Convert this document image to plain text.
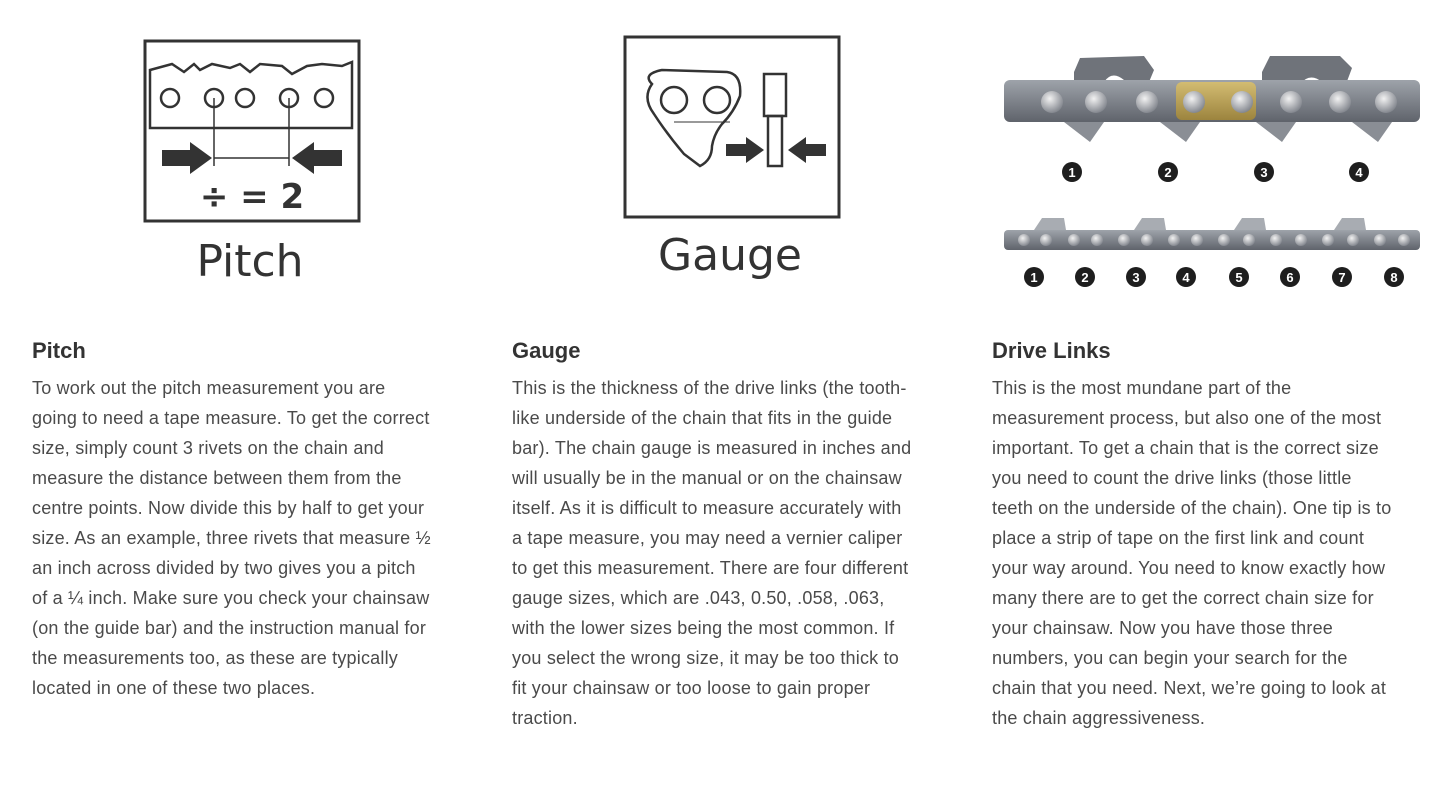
÷ = 2
Pitch
Pitch

To work out the pitch measurement you are going to need a tape measure. To get the correct size, simply count 3 rivets on the chain and measure the distance between them from the centre points. Now divide this by half to get your size. As an example, three rivets that measure ½ an inch across divided by two gives you a pitch of a ¼ inch. Make sure you check your chainsaw (on the guide bar) and the instruction manual for the measurements too, as these are typically located in one of these two places.

Gauge
Gauge

This is the thickness of the drive links (the tooth-like underside of the chain that fits in the guide bar). The chain gauge is measured in inches and will usually be in the manual or on the chainsaw itself. As it is difficult to measure accurately with a tape measure, you may need a vernier caliper to get this measurement. There are four different gauge sizes, which are .043, 0.50, .058, .063, with the lower sizes being the most common. If you select the wrong size, it may be too thick to fit your chainsaw or too loose to gain proper traction.

1	2	3	4
1	2	3	4	5	6	7	8
Drive Links

This is the most mundane part of the measurement process, but also one of the most important. To get a chain that is the correct size you need to count the drive links (those little teeth on the underside of the chain). One tip is to place a strip of tape on the first link and count your way around. You need to know exactly how many there are to get the correct chain size for your chainsaw. Now you have those three numbers, you can begin your search for the chain that you need. Next, we’re going to look at the chain aggressiveness.
